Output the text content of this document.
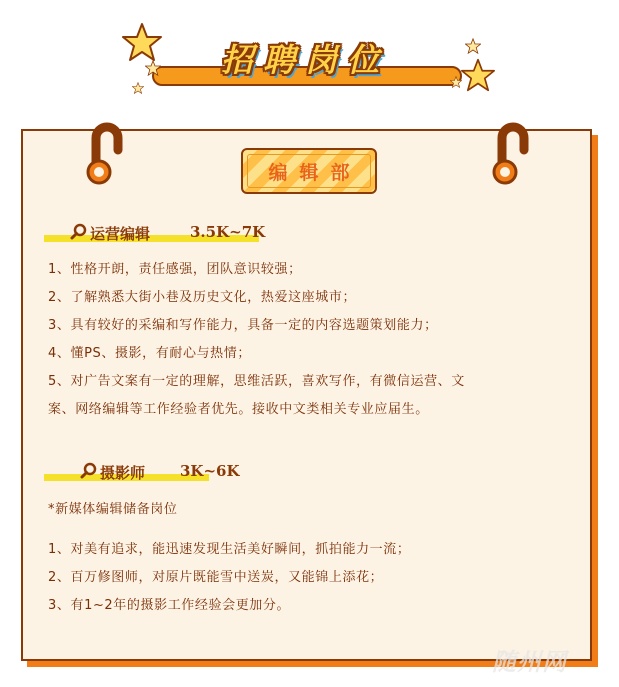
招聘岗位
编辑部
运营编辑	3.5K~7K
1、性格开朗，责任感强，团队意识较强；
2、了解熟悉大街小巷及历史文化，热爱这座城市；
3、具有较好的采编和写作能力，具备一定的内容选题策划能力；
4、懂PS、摄影，有耐心与热情；
5、对广告文案有一定的理解，思维活跃，喜欢写作，有微信运营、文
案、网络编辑等工作经验者优先。接收中文类相关专业应届生。
摄影师 3K~6K
*新媒体编辑储备岗位
1、对美有追求，能迅速发现生活美好瞬间，抓拍能力一流；
2、百万修图师，对原片既能雪中送炭，又能锦上添花；
3、有1~2年的摄影工作经验会更加分。
随州网
